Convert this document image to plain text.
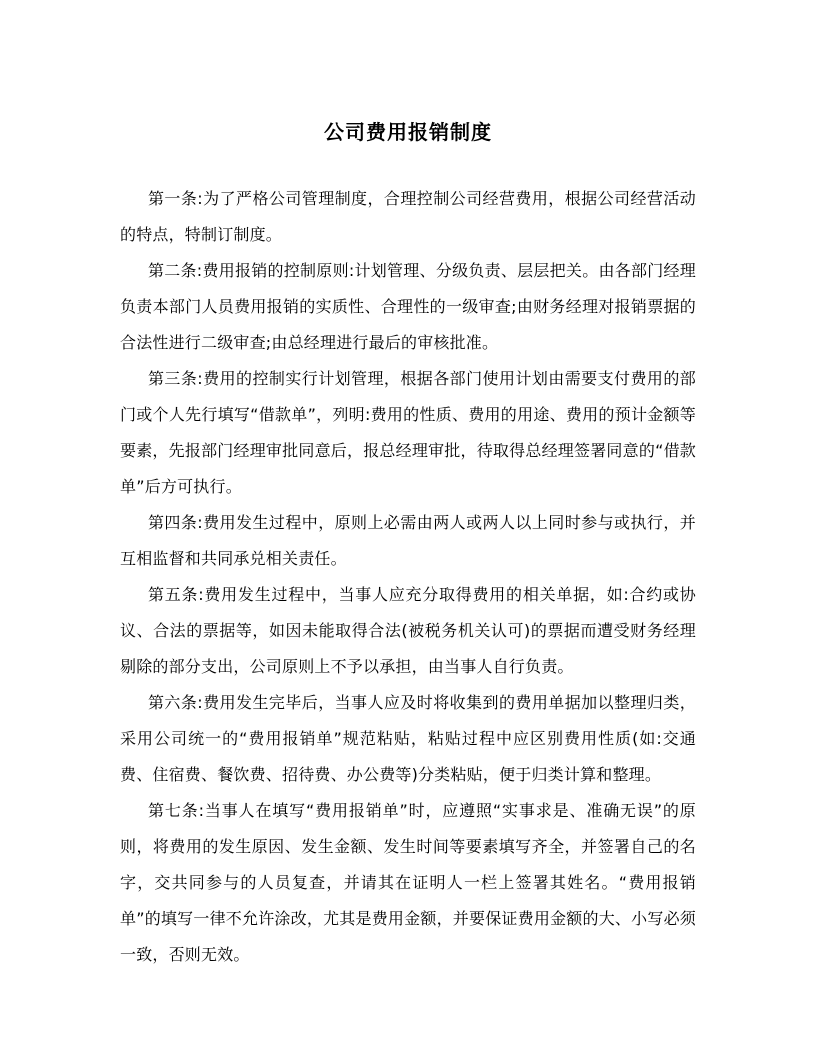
公司费用报销制度

第一条:为了严格公司管理制度，合理控制公司经营费用，根据公司经营活动的特点，特制订制度。

第二条:费用报销的控制原则:计划管理、分级负责、层层把关。由各部门经理负责本部门人员费用报销的实质性、合理性的一级审查;由财务经理对报销票据的合法性进行二级审查;由总经理进行最后的审核批准。

第三条:费用的控制实行计划管理，根据各部门使用计划由需要支付费用的部门或个人先行填写“借款单”，列明:费用的性质、费用的用途、费用的预计金额等要素，先报部门经理审批同意后，报总经理审批，待取得总经理签署同意的“借款单”后方可执行。

第四条:费用发生过程中，原则上必需由两人或两人以上同时参与或执行，并互相监督和共同承兑相关责任。

第五条:费用发生过程中，当事人应充分取得费用的相关单据，如:合约或协议、合法的票据等，如因未能取得合法(被税务机关认可)的票据而遭受财务经理剔除的部分支出，公司原则上不予以承担，由当事人自行负责。

第六条:费用发生完毕后，当事人应及时将收集到的费用单据加以整理归类，采用公司统一的“费用报销单”规范粘贴，粘贴过程中应区别费用性质(如:交通费、住宿费、餐饮费、招待费、办公费等)分类粘贴，便于归类计算和整理。

第七条:当事人在填写“费用报销单”时，应遵照“实事求是、准确无误”的原则，将费用的发生原因、发生金额、发生时间等要素填写齐全，并签署自己的名字，交共同参与的人员复查，并请其在证明人一栏上签署其姓名。“费用报销单”的填写一律不允许涂改，尤其是费用金额，并要保证费用金额的大、小写必须一致，否则无效。
